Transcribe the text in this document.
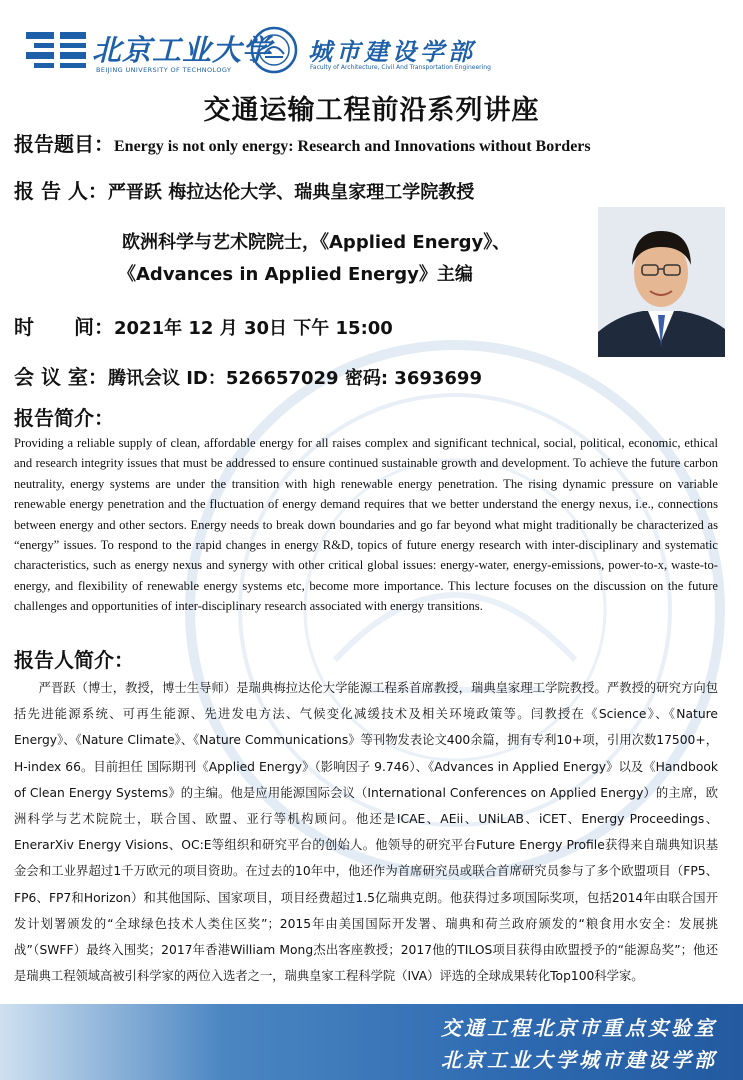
北京工业大学
BEIJING UNIVERSITY OF TECHNOLOGY
城市建设学部
Faculty of Architecture, Civil And Transportation Engineering
交通运输工程前沿系列讲座
报告题目：Energy is not only energy: Research and Innovations without Borders
报 告 人：严晋跃 梅拉达伦大学、瑞典皇家理工学院教授
欧洲科学与艺术院院士，《Applied Energy》、
《Advances in Applied Energy》主编
时　　间：2021年 12 月 30日 下午 15:00
会 议 室：腾讯会议 ID：526657029 密码: 3693699
报告简介：
Providing a reliable supply of clean, affordable energy for all raises complex and significant technical, social, political, economic, ethical and research integrity issues that must be addressed to ensure continued sustainable growth and development. To achieve the future carbon neutrality, energy systems are under the transition with high renewable energy penetration. The rising dynamic pressure on variable renewable energy penetration and the fluctuation of energy demand requires that we better understand the energy nexus, i.e., connections between energy and other sectors. Energy needs to break down boundaries and go far beyond what might traditionally be characterized as “energy” issues. To respond to the rapid changes in energy R&D, topics of future energy research with inter-disciplinary and systematic characteristics, such as energy nexus and synergy with other critical global issues: energy-water, energy-emissions, power-to-x, waste-to-energy, and flexibility of renewable energy systems etc, become more importance. This lecture focuses on the discussion on the future challenges and opportunities of inter-disciplinary research associated with energy transitions.
报告人简介：
严晋跃（博士，教授，博士生导师）是瑞典梅拉达伦大学能源工程系首席教授，瑞典皇家理工学院教授。严教授的研究方向包括先进能源系统、可再生能源、先进发电方法、气候变化减缓技术及相关环境政策等。闫教授在《Science》、《Nature Energy》、《Nature Climate》、《Nature Communications》等刊物发表论文400余篇，拥有专利10+项，引用次数17500+，H-index 66。目前担任 国际期刊《Applied Energy》（影响因子 9.746）、《Advances in Applied Energy》以及《Handbook of Clean Energy Systems》的主编。他是应用能源国际会议（International Conferences on Applied Energy）的主席，欧洲科学与艺术院院士，联合国、欧盟、亚行等机构顾问。他还是ICAE、AEii、UNiLAB、iCET、Energy Proceedings、EnerarXiv Energy Visions、OC:E等组织和研究平台的创始人。他领导的研究平台Future Energy Profile获得来自瑞典知识基金会和工业界超过1千万欧元的项目资助。在过去的10年中，他还作为首席研究员或联合首席研究员参与了多个欧盟项目（FP5、FP6、FP7和Horizon）和其他国际、国家项目，项目经费超过1.5亿瑞典克朗。他获得过多项国际奖项，包括2014年由联合国开发计划署颁发的“全球绿色技术人类住区奖”；2015年由美国国际开发署、瑞典和荷兰政府颁发的“粮食用水安全：发展挑战”（SWFF）最终入围奖；2017年香港William Mong杰出客座教授；2017他的TILOS项目获得由欧盟授予的“能源岛奖”；他还是瑞典工程领域高被引科学家的两位入选者之一，瑞典皇家工程科学院（IVA）评选的全球成果转化Top100科学家。
交通工程北京市重点实验室
北京工业大学城市建设学部
